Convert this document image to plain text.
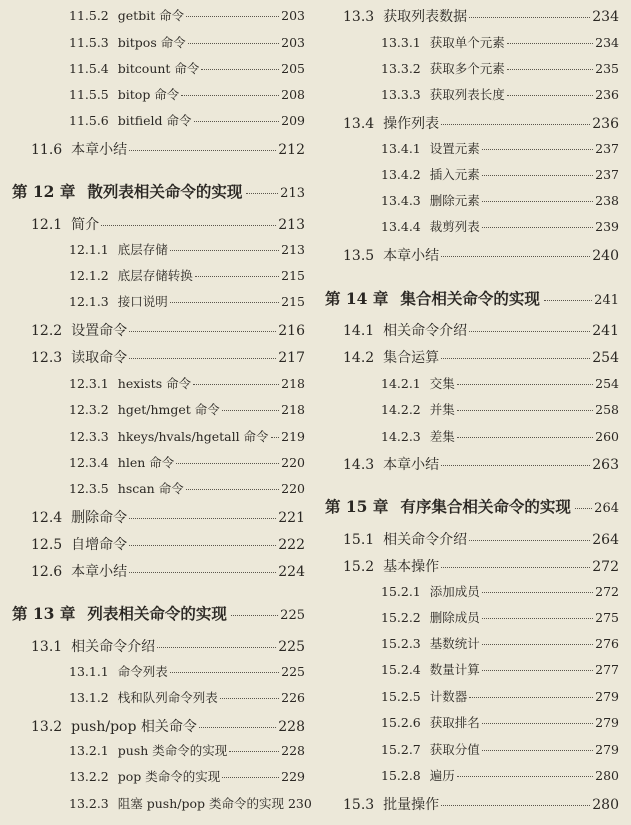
11.5.2 getbit 命令	203
11.5.3 bitpos 命令	203
11.5.4 bitcount 命令	205
11.5.5 bitop 命令	208
11.5.6 bitfield 命令	209
11.6 本章小结	212
第 12 章 散列表相关命令的实现	213
12.1 简介	213
12.1.1 底层存储	213
12.1.2 底层存储转换	215
12.1.3 接口说明	215
12.2 设置命令	216
12.3 读取命令	217
12.3.1 hexists 命令	218
12.3.2 hget/hmget 命令	218
12.3.3 hkeys/hvals/hgetall 命令 219
12.3.4 hlen 命令	220
12.3.5 hscan 命令	220
12.4 删除命令	221
12.5 自增命令	222
12.6 本章小结	224
第 13 章 列表相关命令的实现	225
13.1 相关命令介绍	225
13.1.1 命令列表	225
13.1.2 栈和队列命令列表	226
13.2 push/pop 相关命令	228
13.2.1 push 类命令的实现	228
13.2.2 pop 类命令的实现	229
13.2.3 阻塞 push/pop 类命令的实现 230
13.3 获取列表数据	234
13.3.1 获取单个元素	234
13.3.2 获取多个元素	235
13.3.3 获取列表长度	236
13.4 操作列表	236
13.4.1 设置元素	237
13.4.2 插入元素	237
13.4.3 删除元素	238
13.4.4 裁剪列表	239
13.5 本章小结	240
第 14 章 集合相关命令的实现	241
14.1 相关命令介绍	241
14.2 集合运算	254
14.2.1 交集	254
14.2.2 并集	258
14.2.3 差集	260
14.3 本章小结	263
第 15 章 有序集合相关命令的实现 264
15.1 相关命令介绍	264
15.2 基本操作	272
15.2.1 添加成员	272
15.2.2 删除成员	275
15.2.3 基数统计	276
15.2.4 数量计算	277
15.2.5 计数器	279
15.2.6 获取排名	279
15.2.7 获取分值	279
15.2.8 遍历	280
15.3 批量操作	280
